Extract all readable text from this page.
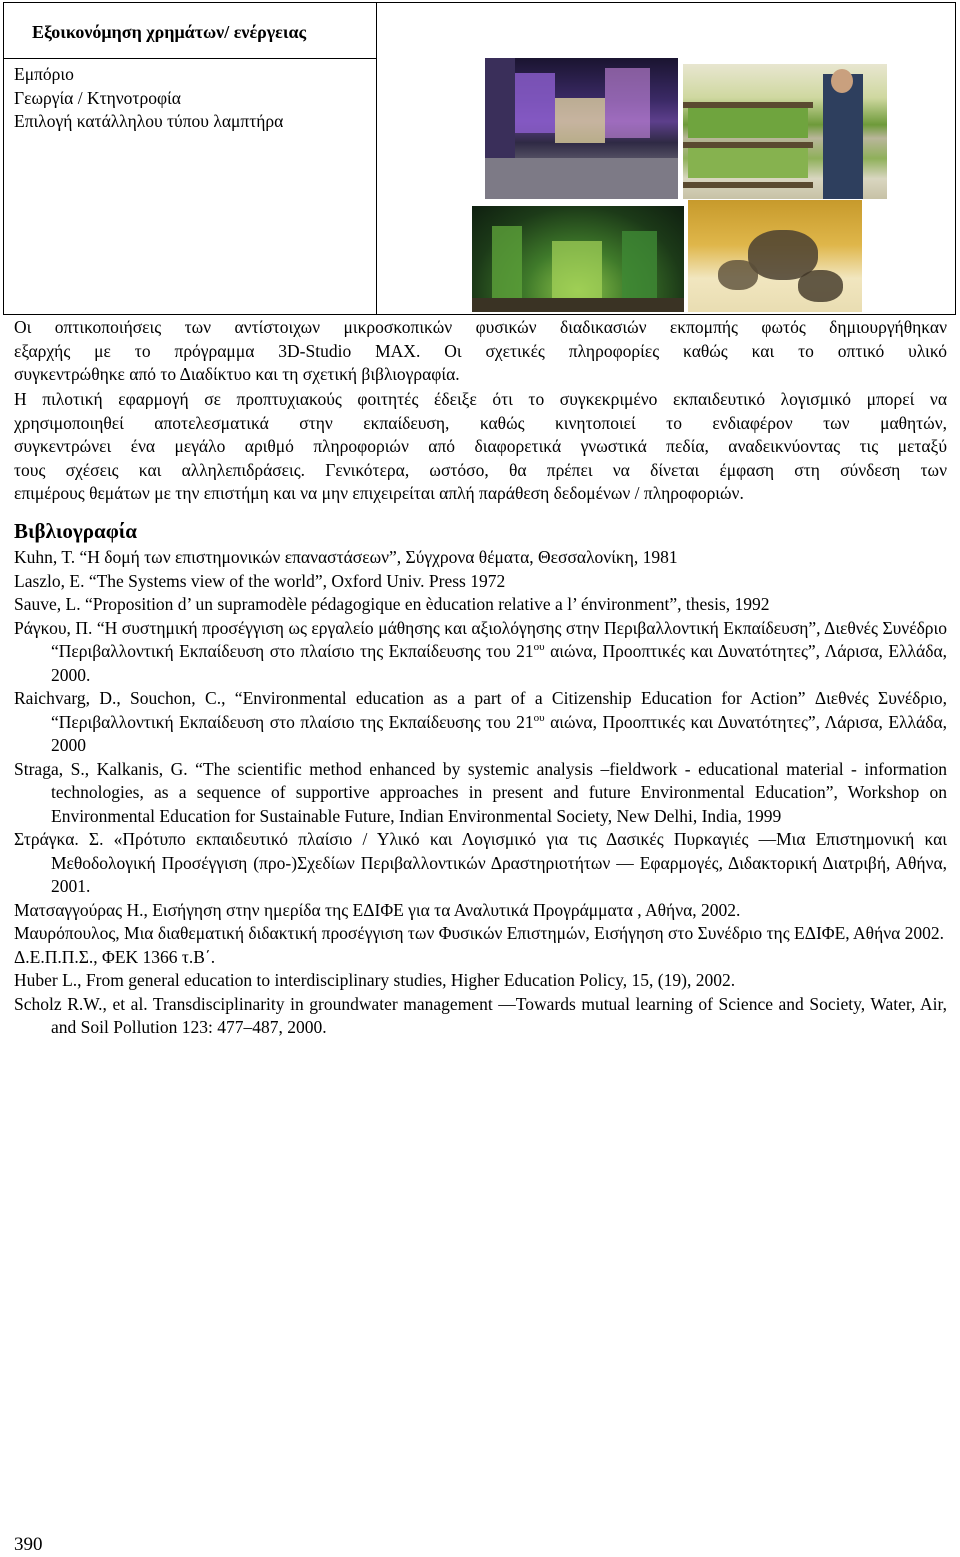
Εξοικονόμηση χρημάτων/ ενέργειας
Εμπόριο
Γεωργία / Κτηνοτροφία
Επιλογή κατάλληλου τύπου λαμπτήρα

Οι οπτικοποιήσεις των αντίστοιχων μικροσκοπικών φυσικών διαδικασιών εκπομπής φωτός δημιουργήθηκαν

εξαρχής με το πρόγραμμα 3D-Studio MAX. Οι σχετικές πληροφορίες καθώς και το οπτικό υλικό

συγκεντρώθηκε από το Διαδίκτυο και τη σχετική βιβλιογραφία.

Η πιλοτική εφαρμογή σε προπτυχιακούς φοιτητές έδειξε ότι το συγκεκριμένο εκπαιδευτικό λογισμικό μπορεί να

χρησιμοποιηθεί αποτελεσματικά στην εκπαίδευση, καθώς κινητοποιεί το ενδιαφέρον των μαθητών,

συγκεντρώνει ένα μεγάλο αριθμό πληροφοριών από διαφορετικά γνωστικά πεδία, αναδεικνύοντας τις μεταξύ

τους σχέσεις και αλληλεπιδράσεις. Γενικότερα, ωστόσο, θα πρέπει να δίνεται έμφαση στη σύνδεση των

επιμέρους θεμάτων με την επιστήμη και να μην επιχειρείται απλή παράθεση δεδομένων / πληροφοριών.

Βιβλιογραφία

Kuhn, T. “Η δομή των επιστημονικών επαναστάσεων”, Σύγχρονα θέματα, Θεσσαλονίκη, 1981

Laszlo, E. “The Systems view of the world”, Oxford Univ. Press 1972

Sauve, L. “Proposition d’ un supramodèle pédagogique en èducation relative a l’ énvironment”, thesis, 1992

Ράγκου, Π. “Η συστημική προσέγγιση ως εργαλείο μάθησης και αξιολόγησης στην Περιβαλλοντική Εκπαίδευση”, Διεθνές Συνέδριο “Περιβαλλοντική Εκπαίδευση στο πλαίσιο της Εκπαίδευσης του $21^{o\upsilon}$ αιώνα, Προοπτικές και Δυνατότητες”, Λάρισα, Ελλάδα, 2000.

Raichvarg, D., Souchon, C., “Environmental education as a part of a Citizenship Education for Action” Διεθνές Συνέδριο, “Περιβαλλοντική Εκπαίδευση στο πλαίσιο της Εκπαίδευσης του $21^{o\upsilon}$ αιώνα, Προοπτικές και Δυνατότητες”, Λάρισα, Ελλάδα, 2000

Straga, S., Kalkanis, G. “The scientific method enhanced by systemic analysis –fieldwork - educational material - information technologies, as a sequence of supportive approaches in present and future Environmental Education”, Workshop on Environmental Education for Sustainable Future, Indian Environmental Society, New Delhi, India, 1999

Στράγκα. Σ. «Πρότυπο εκπαιδευτικό πλαίσιο / Υλικό και Λογισμικό για τις Δασικές Πυρκαγιές —Μια Επιστημονική και Μεθοδολογική Προσέγγιση (προ-)Σχεδίων Περιβαλλοντικών Δραστηριοτήτων — Εφαρμογές, Διδακτορική Διατριβή, Αθήνα, 2001.

Ματσαγγούρας Η., Εισήγηση στην ημερίδα της ΕΔΙΦΕ για τα Αναλυτικά Προγράμματα , Αθήνα, 2002.

Μαυρόπουλος, Μια διαθεματική διδακτική προσέγγιση των Φυσικών Επιστημών, Εισήγηση στο Συνέδριο της ΕΔΙΦΕ, Αθήνα 2002.

Δ.Ε.Π.Π.Σ., ΦΕΚ 1366 τ.Β΄.

Huber L., From general education to interdisciplinary studies, Higher Education Policy, 15, (19), 2002.

Scholz R.W., et al. Transdisciplinarity in groundwater management —Towards mutual learning of Science and Society, Water, Air, and Soil Pollution 123: 477–487, 2000.

390
